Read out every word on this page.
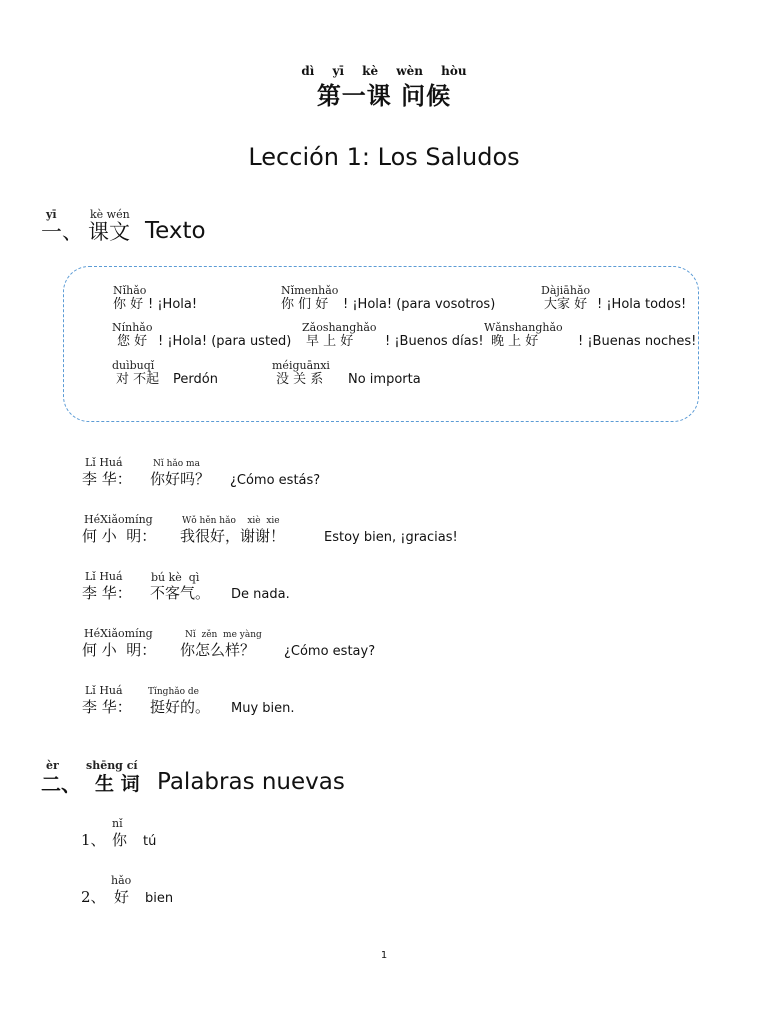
dì yī kè wèn hòu
第一课 问候
Lección 1: Los Saludos
yī	kè wén
一、 课文 Texto
Nǐhǎo
你 好 ! ¡Hola!
Nǐmenhǎo
你 们 好 ! ¡Hola! (para vosotros)
Dàjiāhǎo
大家 好 ! ¡Hola todos!
Nínhǎo
您 好 ! ¡Hola! (para usted)
Zǎoshanghǎo
早 上 好 ! ¡Buenos días!
Wǎnshanghǎo
晚 上 好	! ¡Buenas noches!
duìbuqǐ
对 不起 Perdón
méiguānxi
没 关 系 No importa
Lǐ Huá	Nǐ hǎo ma
李 华： 你好吗？ ¿Cómo estás?
HéXiǎomíng	Wǒ hěn hǎo    xiè  xie
何 小  明： 我很好，谢谢！	Estoy bien, ¡gracias!
Lǐ Huá	bú kè  qì
李 华： 不客气。 De nada.
HéXiǎomíng	Nǐ  zěn  me yàng
何 小  明： 你怎么样？ ¿Cómo estay?
Lǐ Huá	Tǐnghǎo de
李 华： 挺好的。 Muy bien.
èr shēng cí
二、 生 词 Palabras nuevas
nǐ
1、 你 tú
hǎo
2、 好 bien
1
